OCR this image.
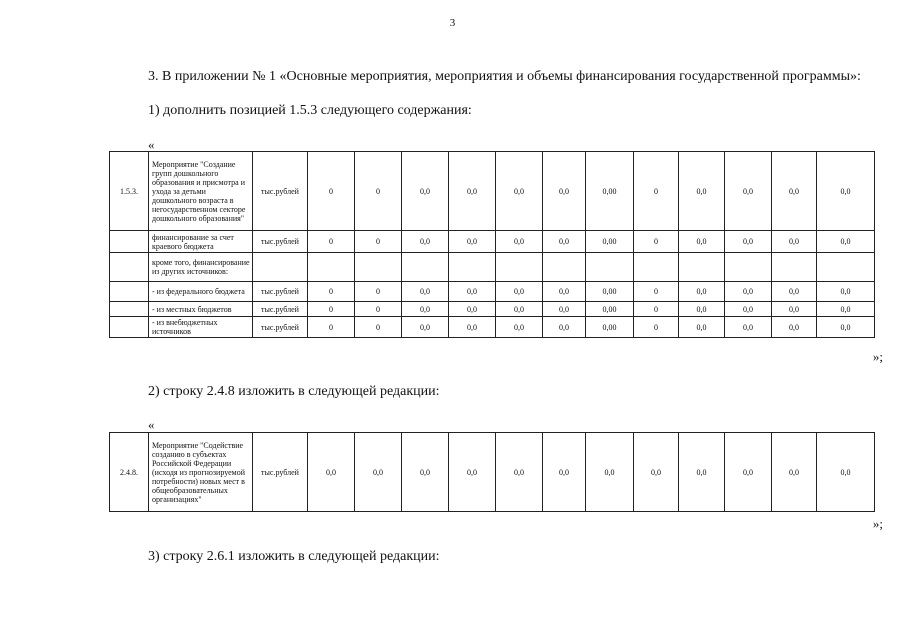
3

3. В приложении № 1 «Основные мероприятия, мероприятия и объемы финансирования государственной программы»:

1) дополнить позицией 1.5.3 следующего содержания:

«
1.5.3.	Мероприятие "Создание групп дошкольного образования и присмотра и ухода за детьми дошкольного возраста в негосударственном секторе дошкольного образования"	тыс.рублей	0	0	0,0	0,0	0,0	0,0	0,00	0	0,0	0,0	0,0	0,0
	финансирование за счет краевого бюджета	тыс.рублей	0	0	0,0	0,0	0,0	0,0	0,00	0	0,0	0,0	0,0	0,0
	кроме того, финансирование из других источников:													
	- из федерального бюджета	тыс.рублей	0	0	0,0	0,0	0,0	0,0	0,00	0	0,0	0,0	0,0	0,0
	- из местных бюджетов	тыс.рублей	0	0	0,0	0,0	0,0	0,0	0,00	0	0,0	0,0	0,0	0,0
	- из внебюджетных источников	тыс.рублей	0	0	0,0	0,0	0,0	0,0	0,00	0	0,0	0,0	0,0	0,0
»;

2) строку 2.4.8 изложить в следующей редакции:

«
2.4.8.	Мероприятие "Содействие созданию в субъектах Российской Федерации (исходя из прогнозируемой потребности) новых мест в общеобразовательных организациях"	тыс.рублей	0,0	0,0	0,0	0,0	0,0	0,0	0,0	0,0	0,0	0,0	0,0	0,0
»;

3) строку 2.6.1 изложить в следующей редакции:
